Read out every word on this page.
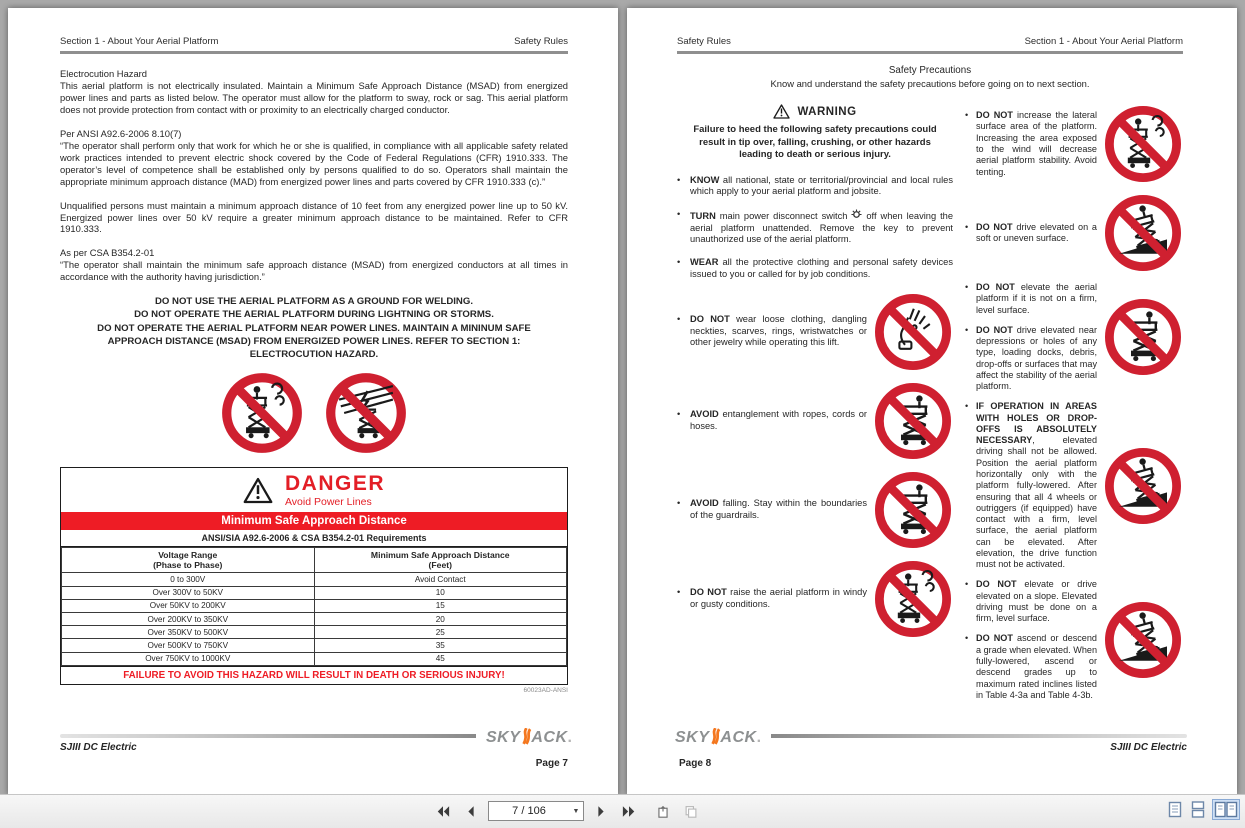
Section 1 - About Your Aerial Platform	Safety Rules
Electrocution Hazard

This aerial platform is not electrically insulated. Maintain a Minimum Safe Approach Distance (MSAD) from energized power lines and parts as listed below. The operator must allow for the platform to sway, rock or sag. This aerial platform does not provide protection from contact with or proximity to an electrically charged conductor.

Per ANSI A92.6-2006 8.10(7)

“The operator shall perform only that work for which he or she is qualified, in compliance with all applicable safety related work practices intended to prevent electric shock covered by the Code of Federal Regulations (CFR) 1910.333. The operator’s level of competence shall be established only by persons qualified to do so. Operators shall maintain the appropriate minimum approach distance (MAD) from energized power lines and parts covered by CFR 1910.333 (c).”

Unqualified persons must maintain a minimum approach distance of 10 feet from any energized power line up to 50 kV. Energized power lines over 50 kV require a greater minimum approach distance to be maintained. Refer to CFR 1910.333.

As per CSA B354.2-01

“The operator shall maintain the minimum safe approach distance (MSAD) from energized conductors at all times in accordance with the authority having jurisdiction.”

DO NOT USE THE AERIAL PLATFORM AS A GROUND FOR WELDING.
DO NOT OPERATE THE AERIAL PLATFORM DURING LIGHTNING OR STORMS.
DO NOT OPERATE THE AERIAL PLATFORM NEAR POWER LINES. MAINTAIN A MININUM SAFE APPROACH DISTANCE (MSAD) FROM ENERGIZED POWER LINES. REFER TO SECTION 1: ELECTROCUTION HAZARD.
DANGER
Avoid Power Lines
Minimum Safe Approach Distance
ANSI/SIA A92.6-2006 & CSA B354.2-01 Requirements
Voltage Range
(Phase to Phase)

Minimum Safe Approach Distance
(Feet)

0 to 300V	Avoid Contact
Over 300V to 50KV	10
Over 50KV to 200KV	15
Over 200KV to 350KV	20
Over 350KV to 500KV	25
Over 500KV to 750KV	35
Over 750KV to 1000KV	45
FAILURE TO AVOID THIS HAZARD WILL RESULT IN DEATH OR SERIOUS INJURY!
60023AD-ANSI
SKY ACK .
SJIII DC Electric
Page 7
Safety Rules	Section 1 - About Your Aerial Platform
Safety Precautions
Know and understand the safety precautions before going on to next section.
WARNING
Failure to heed the following safety precautions could result in tip over, falling, crushing, or other hazards leading to death or serious injury.
•
KNOW all national, state or territorial/provincial and local rules which apply to your aerial platform and jobsite.
•
TURN main power disconnect switch off when leaving the aerial platform unattended. Remove the key to prevent unauthorized use of the aerial platform.
•
WEAR all the protective clothing and personal safety devices issued to you or called for by job conditions.
•
DO NOT wear loose clothing, dangling neckties, scarves, rings, wristwatches or other jewelry while operating this lift.
•
AVOID entanglement with ropes, cords or hoses.
•
AVOID falling. Stay within the boundaries of the guardrails.
•
DO NOT raise the aerial platform in windy or gusty conditions.
•
DO NOT increase the lateral surface area of the platform. Increasing the area exposed to the wind will decrease aerial platform stability. Avoid tenting.
•
DO NOT drive elevated on a soft or uneven surface.
•
DO NOT elevate the aerial platform if it is not on a firm, level surface.
•
DO NOT drive elevated near depressions or holes of any type, loading docks, debris, drop-offs or surfaces that may affect the stability of the aerial platform.
•
IF OPERATION IN AREAS WITH HOLES OR DROP-OFFS IS ABSOLUTELY NECESSARY, elevated driving shall not be allowed. Position the aerial platform horizontally only with the platform fully-lowered. After ensuring that all 4 wheels or outriggers (if equipped) have contact with a firm, level surface, the aerial platform can be elevated. After elevation, the drive function must not be activated.
•
DO NOT elevate or drive elevated on a slope. Elevated driving must be done on a firm, level surface.
•
DO NOT ascend or descend a grade when elevated. When fully-lowered, ascend or descend grades up to maximum rated inclines listed in Table 4-3a and Table 4-3b.
SKY ACK .
SJIII DC Electric
Page 8
7 / 106
▼
